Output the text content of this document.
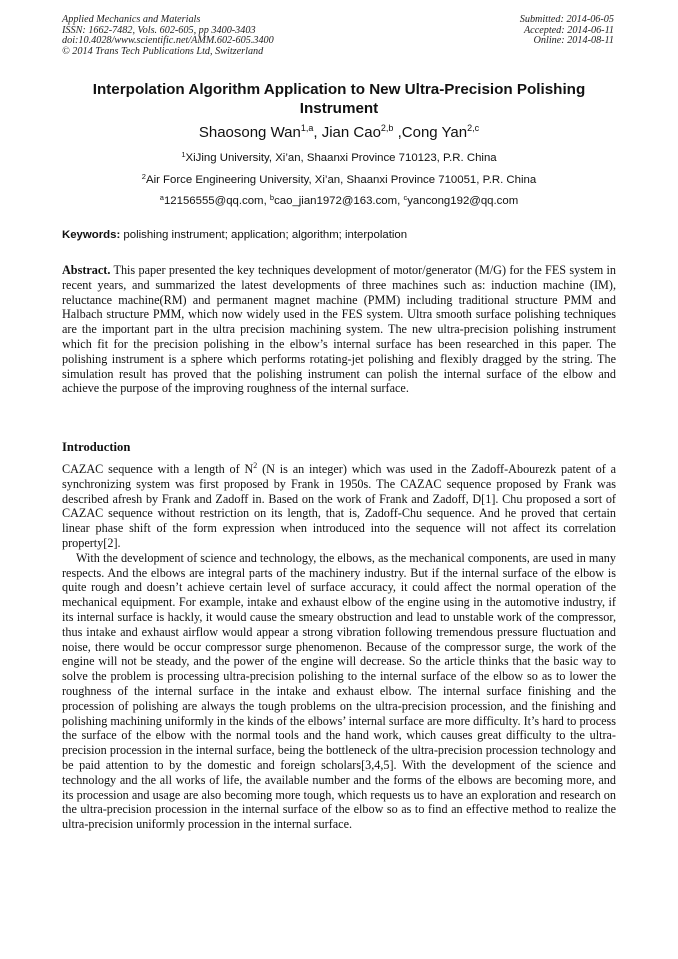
Applied Mechanics and Materials
ISSN: 1662-7482, Vols. 602-605, pp 3400-3403
doi:10.4028/www.scientific.net/AMM.602-605.3400
© 2014 Trans Tech Publications Ltd, Switzerland
Submitted: 2014-06-05
Accepted: 2014-06-11
Online: 2014-08-11
Interpolation Algorithm Application to New Ultra-Precision Polishing Instrument
Shaosong Wan$^{1,a}$, Jian Cao$^{2,b}$ ,Cong Yan$^{2,c}$
$^1$XiJing University, Xi’an, Shaanxi Province 710123, P.R. China
$^2$Air Force Engineering University, Xi’an, Shaanxi Province 710051, P.R. China
$^a$12156555@qq.com, $^b$cao_jian1972@163.com, $^c$yancong192@qq.com
Keywords: polishing instrument; application; algorithm; interpolation
Abstract. This paper presented the key techniques development of motor/generator (M/G) for the FES system in recent years, and summarized the latest developments of three machines such as: induction machine (IM), reluctance machine(RM) and permanent magnet machine (PMM) including traditional structure PMM and Halbach structure PMM, which now widely used in the FES system. Ultra smooth surface polishing techniques are the important part in the ultra precision machining system. The new ultra-precision polishing instrument which fit for the precision polishing in the elbow’s internal surface has been researched in this paper. The polishing instrument is a sphere which performs rotating-jet polishing and flexibly dragged by the string. The simulation result has proved that the polishing instrument can polish the internal surface of the elbow and achieve the purpose of the improving roughness of the internal surface.
Introduction

CAZAC sequence with a length of $N^2$ (N is an integer) which was used in the Zadoff-Abourezk patent of a synchronizing system was first proposed by Frank in 1950s. The CAZAC sequence proposed by Frank was described afresh by Frank and Zadoff in. Based on the work of Frank and Zadoff, D[1]. Chu proposed a sort of CAZAC sequence without restriction on its length, that is, Zadoff-Chu sequence. And he proved that certain linear phase shift of the form expression when introduced into the sequence will not affect its correlation property[2].

With the development of science and technology, the elbows, as the mechanical components, are used in many respects. And the elbows are integral parts of the machinery industry. But if the internal surface of the elbow is quite rough and doesn’t achieve certain level of surface accuracy, it could affect the normal operation of the mechanical equipment. For example, intake and exhaust elbow of the engine using in the automotive industry, if its internal surface is hackly, it would cause the smeary obstruction and lead to unstable work of the compressor, thus intake and exhaust airflow would appear a strong vibration following tremendous pressure fluctuation and noise, there would be occur compressor surge phenomenon. Because of the compressor surge, the work of the engine will not be steady, and the power of the engine will decrease. So the article thinks that the basic way to solve the problem is processing ultra-precision polishing to the internal surface of the elbow so as to lower the roughness of the internal surface in the intake and exhaust elbow. The internal surface finishing and the procession of polishing are always the tough problems on the ultra-precision procession, and the finishing and polishing machining uniformly in the kinds of the elbows’ internal surface are more difficulty. It’s hard to process the surface of the elbow with the normal tools and the hand work, which causes great difficulty to the ultra-precision procession in the internal surface, being the bottleneck of the ultra-precision procession technology and be paid attention to by the domestic and foreign scholars[3,4,5]. With the development of the science and technology and the all works of life, the available number and the forms of the elbows are becoming more, and its procession and usage are also becoming more tough, which requests us to have an exploration and research on the ultra-precision procession in the internal surface of the elbow so as to find an effective method to realize the ultra-precision uniformly procession in the internal surface.
